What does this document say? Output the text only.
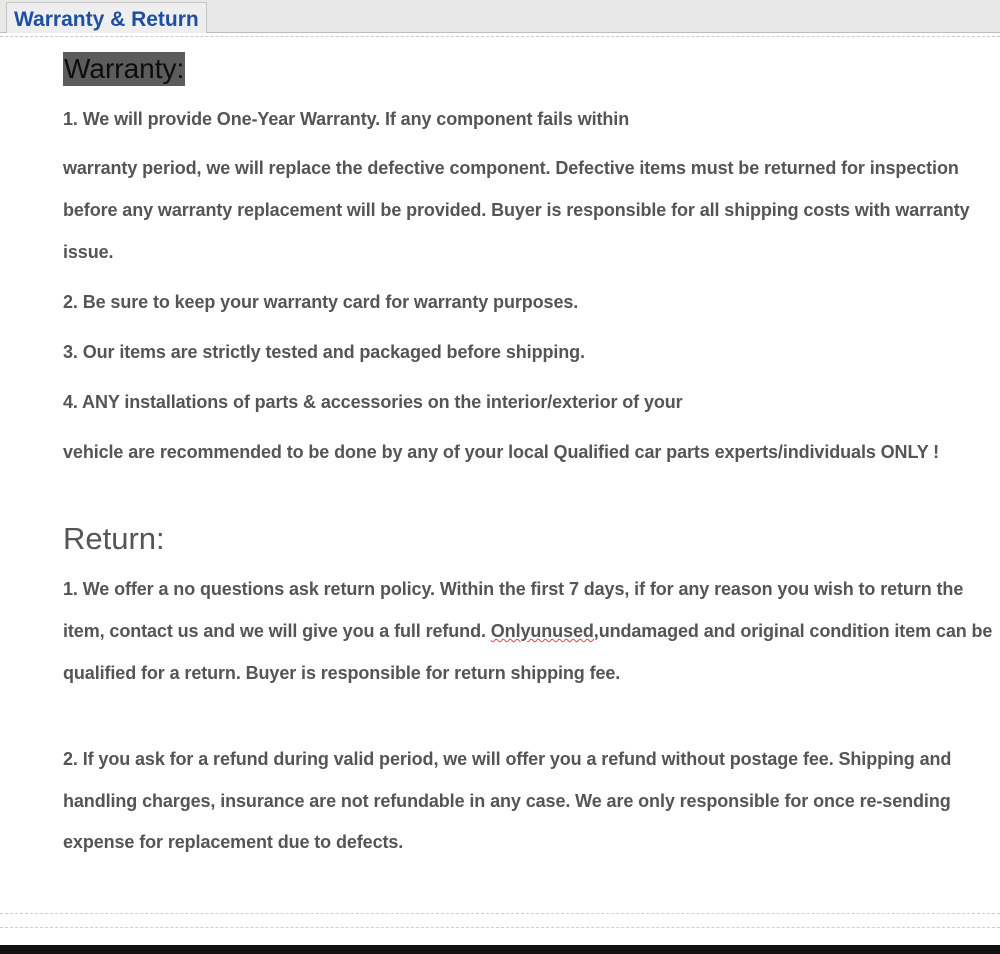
Warranty & Return
Warranty:
1. We will provide One-Year Warranty. If any component fails within
warranty period, we will replace the defective component. Defective items must be returned for inspection
before any warranty replacement will be provided. Buyer is responsible for all shipping costs with warranty
issue.
2. Be sure to keep your warranty card for warranty purposes.
3. Our items are strictly tested and packaged before shipping.
4. ANY installations of parts & accessories on the interior/exterior of your
vehicle are recommended to be done by any of your local Qualified car parts experts/individuals ONLY !
Return:
1. We offer a no questions ask return policy. Within the first 7 days, if for any reason you wish to return the
item, contact us and we will give you a full refund. Onlyunused,undamaged and original condition item can be
qualified for a return. Buyer is responsible for return shipping fee.
2. If you ask for a refund during valid period, we will offer you a refund without postage fee. Shipping and
handling charges, insurance are not refundable in any case. We are only responsible for once re-sending
expense for replacement due to defects.
